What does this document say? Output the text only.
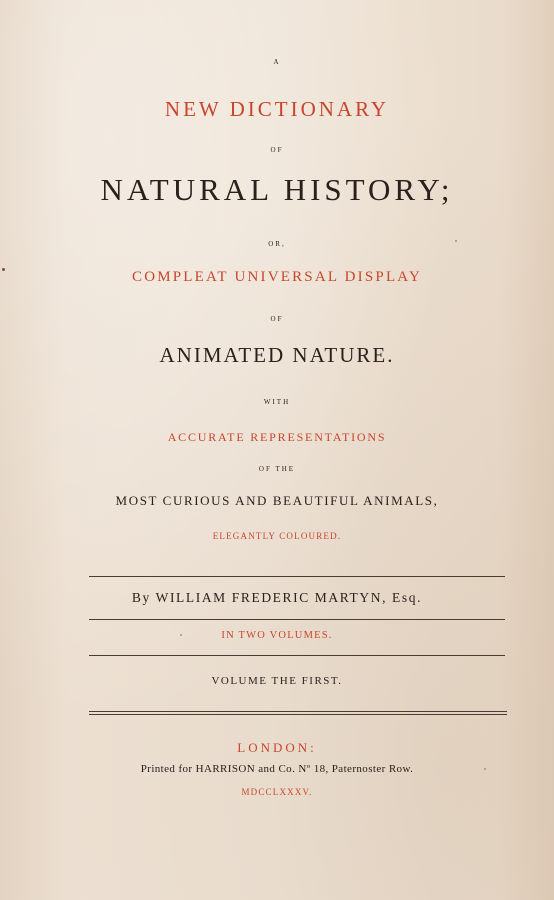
A
NEW DICTIONARY
OF
NATURAL HISTORY;
OR,
COMPLEAT UNIVERSAL DISPLAY
OF
ANIMATED NATURE.
WITH
ACCURATE REPRESENTATIONS
OF THE
MOST CURIOUS AND BEAUTIFUL ANIMALS,
ELEGANTLY COLOURED.
By WILLIAM FREDERIC MARTYN, Esq.
IN TWO VOLUMES.
VOLUME THE FIRST.
LONDON:
Printed for HARRISON and Co. Nº 18, Paternoster Row.
MDCCLXXXV.
